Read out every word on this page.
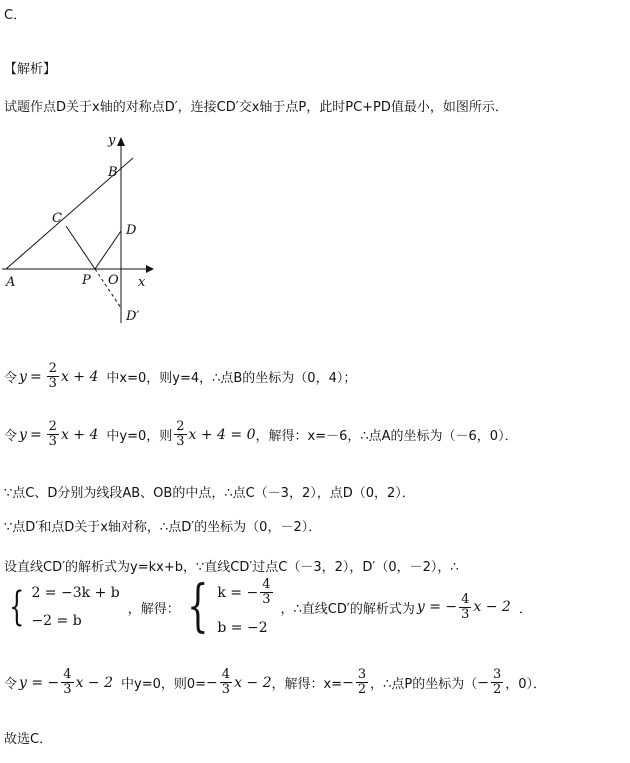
C．
【解析】
试题作点D关于x轴的对称点D′，连接CD′交x轴于点P，此时PC+PD值最小，如图所示．
y
B
C
D
A	P O x
D′
令 $y = \frac{2}{3}$ x + 4 中x=0，则y=4，∴点B的坐标为（0，4）；
令 $y = \frac{2}{3}$ x + 4 中y=0，则 $\frac{2}{3}$ x + 4 = 0 ，解得：x=－6，∴点A的坐标为（－6，0）．
∵点C、D分别为线段AB、OB的中点，∴点C（－3，2），点D（0，2）．
∵点D′和点D关于x轴对称，∴点D′的坐标为（0，－2）．
设直线CD′的解析式为y=kx+b，∵直线CD′过点C（－3，2），D′（0，－2），∴
{ 2 = −3k + b
−2 = b
，解得： { k = − $\frac{4}{3}$
b = −2
，∴直线CD′的解析式为 y = − $\frac{4}{3}$ x − 2 ．
令 y = − $\frac{4}{3}$ x − 2 中y=0，则$0= - \frac{4}{3}$ x − 2 ，解得：$x= - \frac{3}{2}$ ，∴点P的坐标为（ − $\frac{3}{2}$ ，0）．
故选C．
